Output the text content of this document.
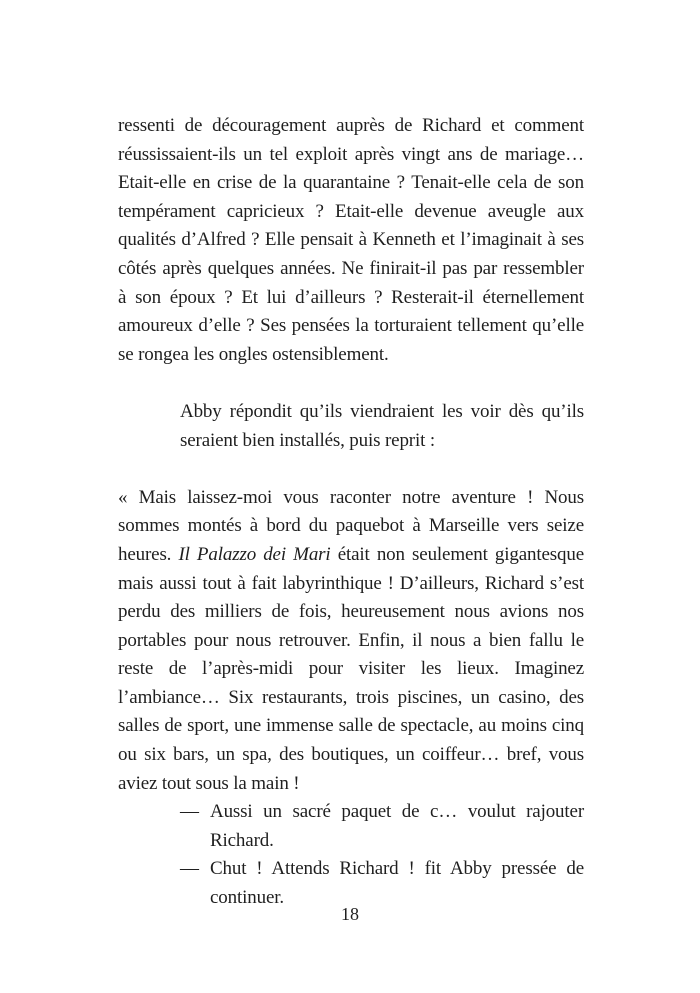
ressenti de découragement auprès de Richard et comment réussissaient-ils un tel exploit après vingt ans de mariage… Etait-elle en crise de la quarantaine ? Tenait-elle cela de son tempérament capricieux ? Etait-elle devenue aveugle aux qualités d’Alfred ? Elle pensait à Kenneth et l’imaginait à ses côtés après quelques années. Ne finirait-il pas par ressembler à son époux ? Et lui d’ailleurs ? Resterait-il éternellement amoureux d’elle ? Ses pensées la torturaient tellement qu’elle se rongea les ongles ostensiblement.

Abby répondit qu’ils viendraient les voir dès qu’ils seraient bien installés, puis reprit :

« Mais laissez-moi vous raconter notre aventure ! Nous sommes montés à bord du paquebot à Marseille vers seize heures. Il Palazzo dei Mari était non seulement gigantesque mais aussi tout à fait labyrinthique ! D’ailleurs, Richard s’est perdu des milliers de fois, heureusement nous avions nos portables pour nous retrouver. Enfin, il nous a bien fallu le reste de l’après-midi pour visiter les lieux. Imaginez l’ambiance… Six restaurants, trois piscines, un casino, des salles de sport, une immense salle de spectacle, au moins cinq ou six bars, un spa, des boutiques, un coiffeur… bref, vous aviez tout sous la main !

— Aussi un sacré paquet de c… voulut rajouter Richard.
— Chut ! Attends Richard ! fit Abby pressée de continuer.
18
